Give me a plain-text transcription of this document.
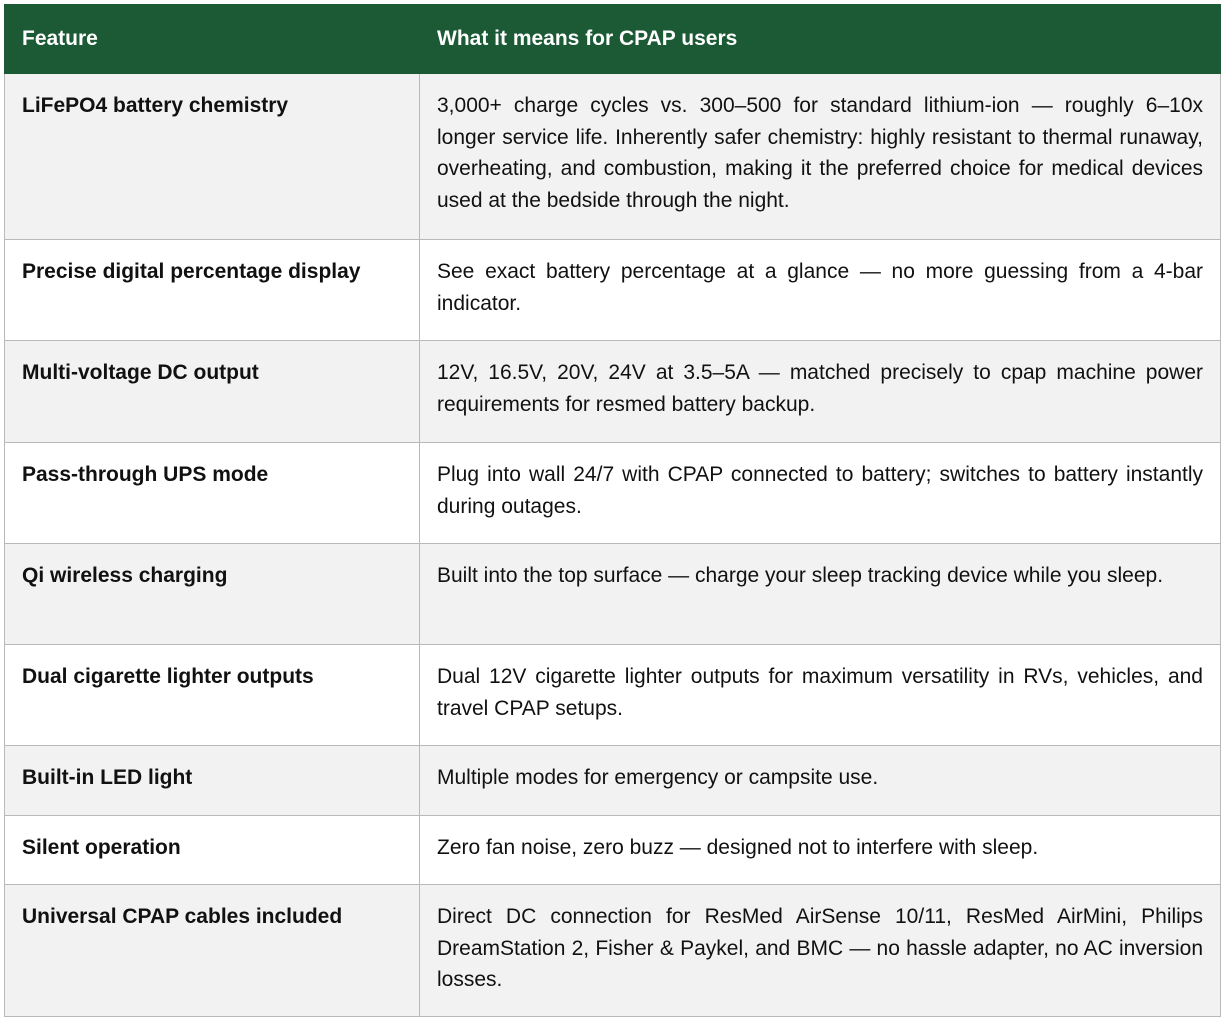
Feature	What it means for CPAP users
LiFePO4 battery chemistry	3,000+ charge cycles vs. 300–500 for standard lithium-ion — roughly 6–10x longer service life. Inherently safer chemistry: highly resistant to thermal runaway, overheating, and combustion, making it the preferred choice for medical devices used at the bedside through the night.
Precise digital percentage display	See exact battery percentage at a glance — no more guessing from a 4-bar indicator.
Multi-voltage DC output	12V, 16.5V, 20V, 24V at 3.5–5A — matched precisely to cpap machine power requirements for resmed battery backup.
Pass-through UPS mode	Plug into wall 24/7 with CPAP connected to battery; switches to battery instantly during outages.
Qi wireless charging	Built into the top surface — charge your sleep tracking device while you sleep.
Dual cigarette lighter outputs	Dual 12V cigarette lighter outputs for maximum versatility in RVs, vehicles, and travel CPAP setups.
Built-in LED light	Multiple modes for emergency or campsite use.
Silent operation	Zero fan noise, zero buzz — designed not to interfere with sleep.
Universal CPAP cables included	Direct DC connection for ResMed AirSense 10/11, ResMed AirMini, Philips DreamStation 2, Fisher & Paykel, and BMC — no hassle adapter, no AC inversion losses.
